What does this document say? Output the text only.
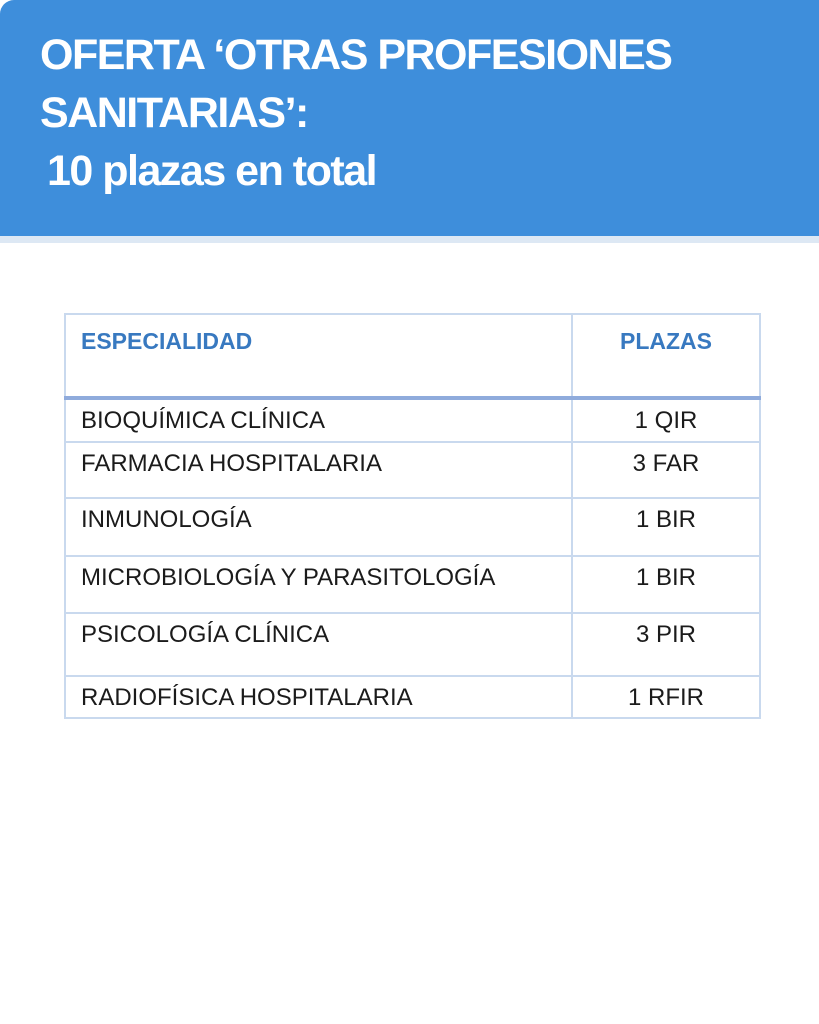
OFERTA ‘OTRAS PROFESIONES
SANITARIAS’:
10 plazas en total
ESPECIALIDAD	PLAZAS
BIOQUÍMICA CLÍNICA	1 QIR
FARMACIA HOSPITALARIA	3 FAR
INMUNOLOGÍA	1 BIR
MICROBIOLOGÍA Y PARASITOLOGÍA	1 BIR
PSICOLOGÍA CLÍNICA	3 PIR
RADIOFÍSICA HOSPITALARIA	1 RFIR
